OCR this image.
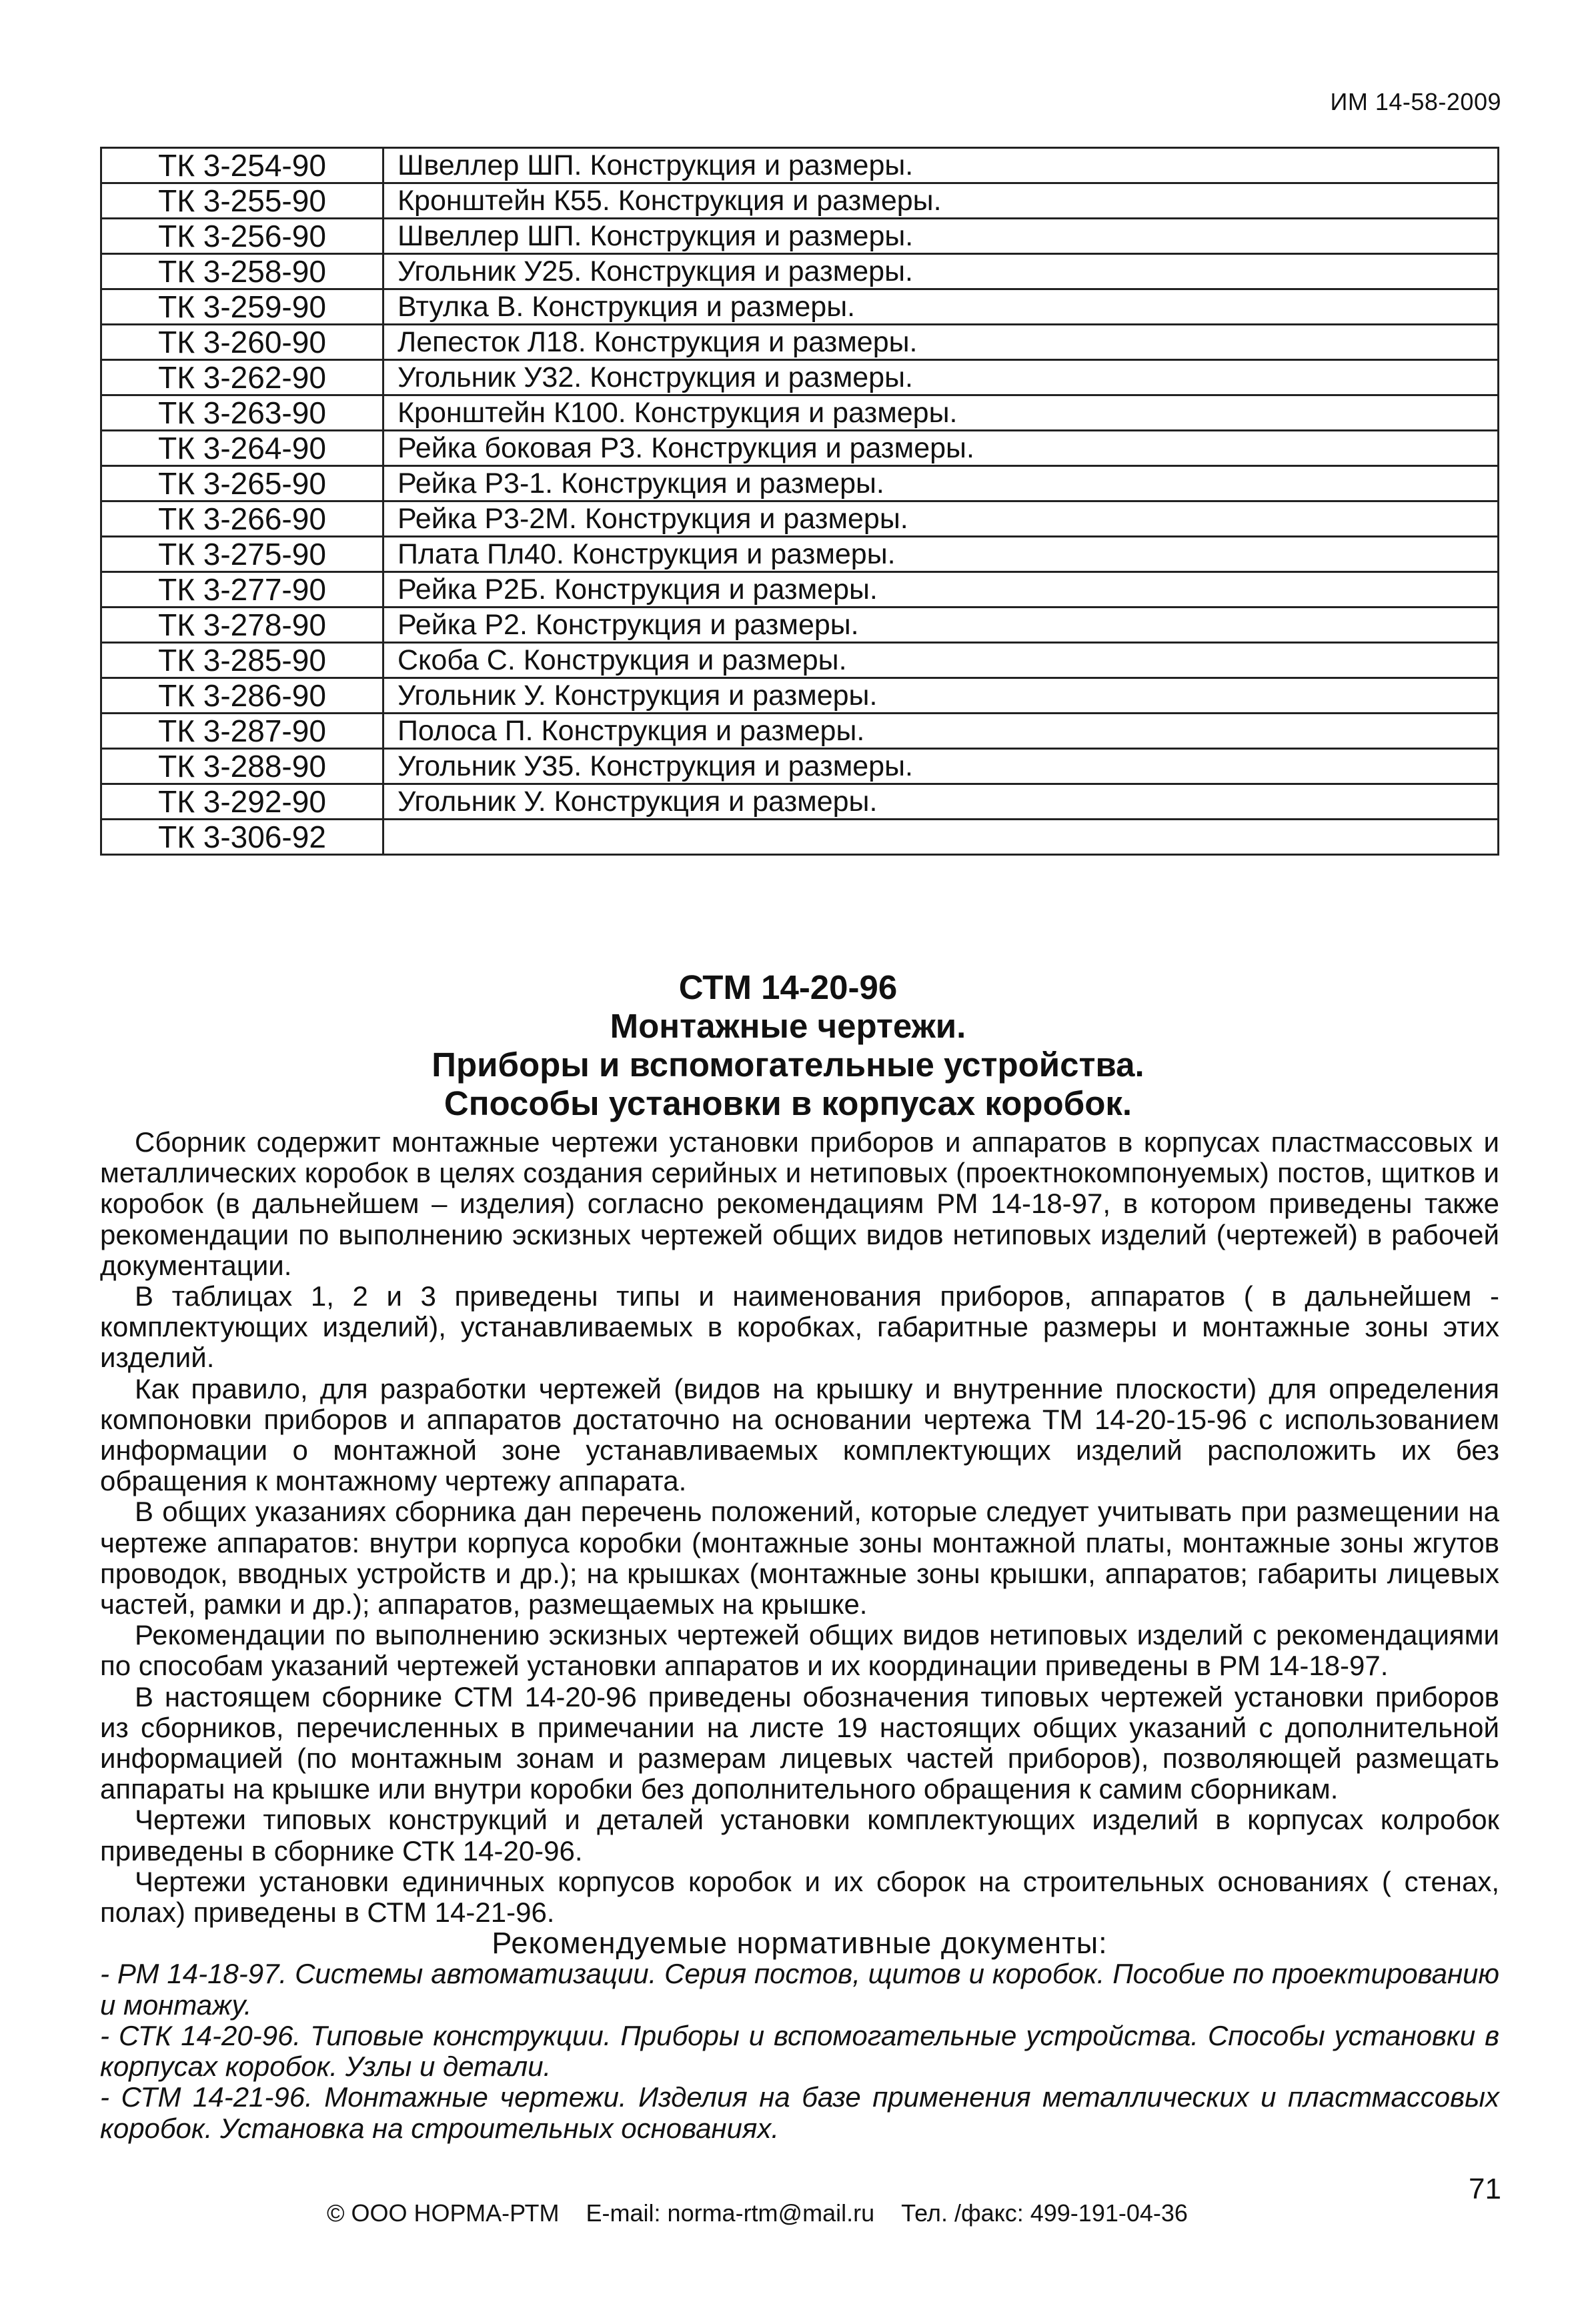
ИМ 14-58-2009
ТК 3-254-90	Швеллер ШП. Конструкция и размеры.
ТК 3-255-90	Кронштейн К55. Конструкция и размеры.
ТК 3-256-90	Швеллер ШП. Конструкция и размеры.
ТК 3-258-90	Угольник У25. Конструкция и размеры.
ТК 3-259-90	Втулка В. Конструкция и размеры.
ТК 3-260-90	Лепесток Л18. Конструкция и размеры.
ТК 3-262-90	Угольник У32. Конструкция и размеры.
ТК 3-263-90	Кронштейн К100. Конструкция и размеры.
ТК 3-264-90	Рейка боковая Р3. Конструкция и размеры.
ТК 3-265-90	Рейка Р3-1. Конструкция и размеры.
ТК 3-266-90	Рейка Р3-2М. Конструкция и размеры.
ТК 3-275-90	Плата Пл40. Конструкция и размеры.
ТК 3-277-90	Рейка Р2Б. Конструкция и размеры.
ТК 3-278-90	Рейка Р2. Конструкция и размеры.
ТК 3-285-90	Скоба С. Конструкция и размеры.
ТК 3-286-90	Угольник У. Конструкция и размеры.
ТК 3-287-90	Полоса П. Конструкция и размеры.
ТК 3-288-90	Угольник У35. Конструкция и размеры.
ТК 3-292-90	Угольник У. Конструкция и размеры.
ТК 3-306-92	
СТМ 14-20-96
Монтажные чертежи.
Приборы и вспомогательные устройства.
Способы установки в корпусах коробок.

Сборник содержит монтажные чертежи установки приборов и аппаратов в корпусах пластмассовых и металлических коробок в целях создания серийных и нетиповых (проектнокомпонуемых) постов, щитков и коробок (в дальнейшем – изделия) согласно рекомендациям РМ 14-18-97, в котором приведены также рекомендации по выполнению эскизных чертежей общих видов нетиповых изделий (чертежей) в рабочей документации.

В таблицах 1, 2 и 3 приведены типы и наименования приборов, аппаратов ( в дальнейшем - комплектующих изделий), устанавливаемых в коробках, габаритные размеры и монтажные зоны этих изделий.

Как правило, для разработки чертежей (видов на крышку и внутренние плоскости) для определения компоновки приборов и аппаратов достаточно на основании чертежа ТМ 14-20-15-96 с использованием информации о монтажной зоне устанавливаемых комплектующих изделий расположить их без обращения к монтажному чертежу аппарата.

В общих указаниях сборника дан перечень положений, которые следует учитывать при размещении на чертеже аппаратов: внутри корпуса коробки (монтажные зоны монтажной платы, монтажные зоны жгутов проводок, вводных устройств и др.); на крышках (монтажные зоны крышки, аппаратов; габариты лицевых частей, рамки и др.); аппаратов, размещаемых на крышке.

Рекомендации по выполнению эскизных чертежей общих видов нетиповых изделий с рекомендациями по способам указаний чертежей установки аппаратов и их координации приведены в РМ 14-18-97.

В настоящем сборнике СТМ 14-20-96 приведены обозначения типовых чертежей установки приборов из сборников, перечисленных в примечании на листе 19 настоящих общих указаний с дополнительной информацией (по монтажным зонам и размерам лицевых частей приборов), позволяющей размещать аппараты на крышке или внутри коробки без дополнительного обращения к самим сборникам.

Чертежи типовых конструкций и деталей установки комплектующих изделий в корпусах колробок приведены в сборнике СТК 14-20-96.

Чертежи установки единичных корпусов коробок и их сборок на строительных основаниях ( стенах, полах) приведены в СТМ 14-21-96.

Рекомендуемые нормативные документы:

- РМ 14-18-97. Системы автоматизации. Серия постов, щитов и коробок. Пособие по проектированию и монтажу.

- СТК 14-20-96. Типовые конструкции. Приборы и вспомогательные устройства. Способы установки в корпусах коробок. Узлы и детали.

- СТМ 14-21-96. Монтажные чертежи. Изделия на базе применения металлических и пластмассовых коробок. Установка на строительных основаниях.

© ООО НОРМА-РТМ E-mail: norma-rtm@mail.ru Тел. /факс: 499-191-04-36
71
